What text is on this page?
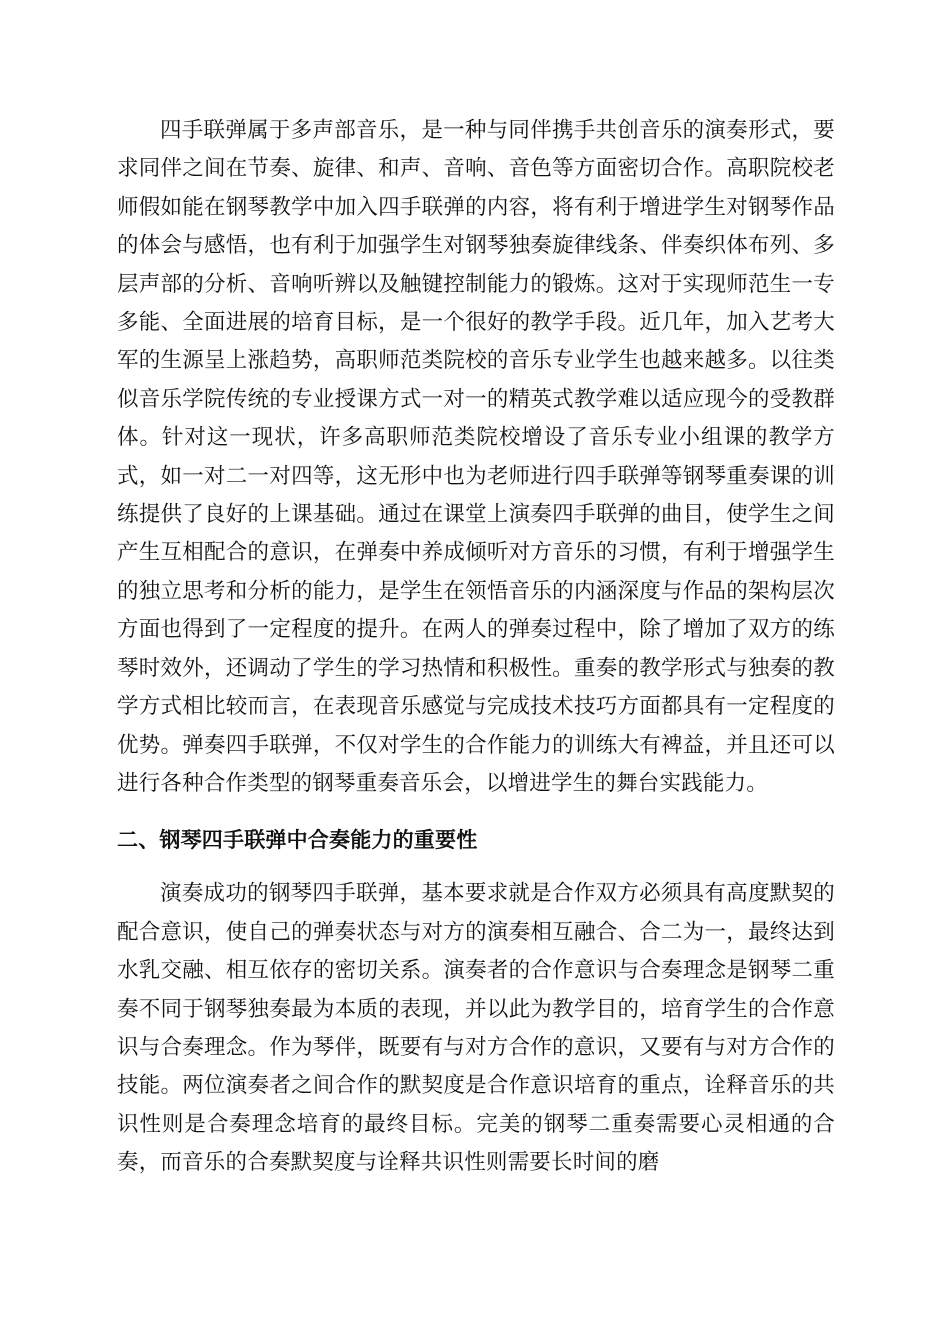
四手联弹属于多声部音乐，是一种与同伴携手共创音乐的演奏形式，要求同伴之间在节奏、旋律、和声、音响、音色等方面密切合作。高职院校老师假如能在钢琴教学中加入四手联弹的内容，将有利于增进学生对钢琴作品的体会与感悟，也有利于加强学生对钢琴独奏旋律线条、伴奏织体布列、多层声部的分析、音响听辨以及触键控制能力的锻炼。这对于实现师范生一专多能、全面进展的培育目标，是一个很好的教学手段。近几年，加入艺考大军的生源呈上涨趋势，高职师范类院校的音乐专业学生也越来越多。以往类似音乐学院传统的专业授课方式一对一的精英式教学难以适应现今的受教群体。针对这一现状，许多高职师范类院校增设了音乐专业小组课的教学方式，如一对二一对四等，这无形中也为老师进行四手联弹等钢琴重奏课的训练提供了良好的上课基础。通过在课堂上演奏四手联弹的曲目，使学生之间产生互相配合的意识，在弹奏中养成倾听对方音乐的习惯，有利于增强学生的独立思考和分析的能力，是学生在领悟音乐的内涵深度与作品的架构层次方面也得到了一定程度的提升。在两人的弹奏过程中，除了增加了双方的练琴时效外，还调动了学生的学习热情和积极性。重奏的教学形式与独奏的教学方式相比较而言，在表现音乐感觉与完成技术技巧方面都具有一定程度的优势。弹奏四手联弹，不仅对学生的合作能力的训练大有裨益，并且还可以进行各种合作类型的钢琴重奏音乐会，以增进学生的舞台实践能力。

二、钢琴四手联弹中合奏能力的重要性

演奏成功的钢琴四手联弹，基本要求就是合作双方必须具有高度默契的配合意识，使自己的弹奏状态与对方的演奏相互融合、合二为一，最终达到水乳交融、相互依存的密切关系。演奏者的合作意识与合奏理念是钢琴二重奏不同于钢琴独奏最为本质的表现，并以此为教学目的，培育学生的合作意识与合奏理念。作为琴伴，既要有与对方合作的意识，又要有与对方合作的技能。两位演奏者之间合作的默契度是合作意识培育的重点，诠释音乐的共识性则是合奏理念培育的最终目标。完美的钢琴二重奏需要心灵相通的合奏，而音乐的合奏默契度与诠释共识性则需要长时间的磨
